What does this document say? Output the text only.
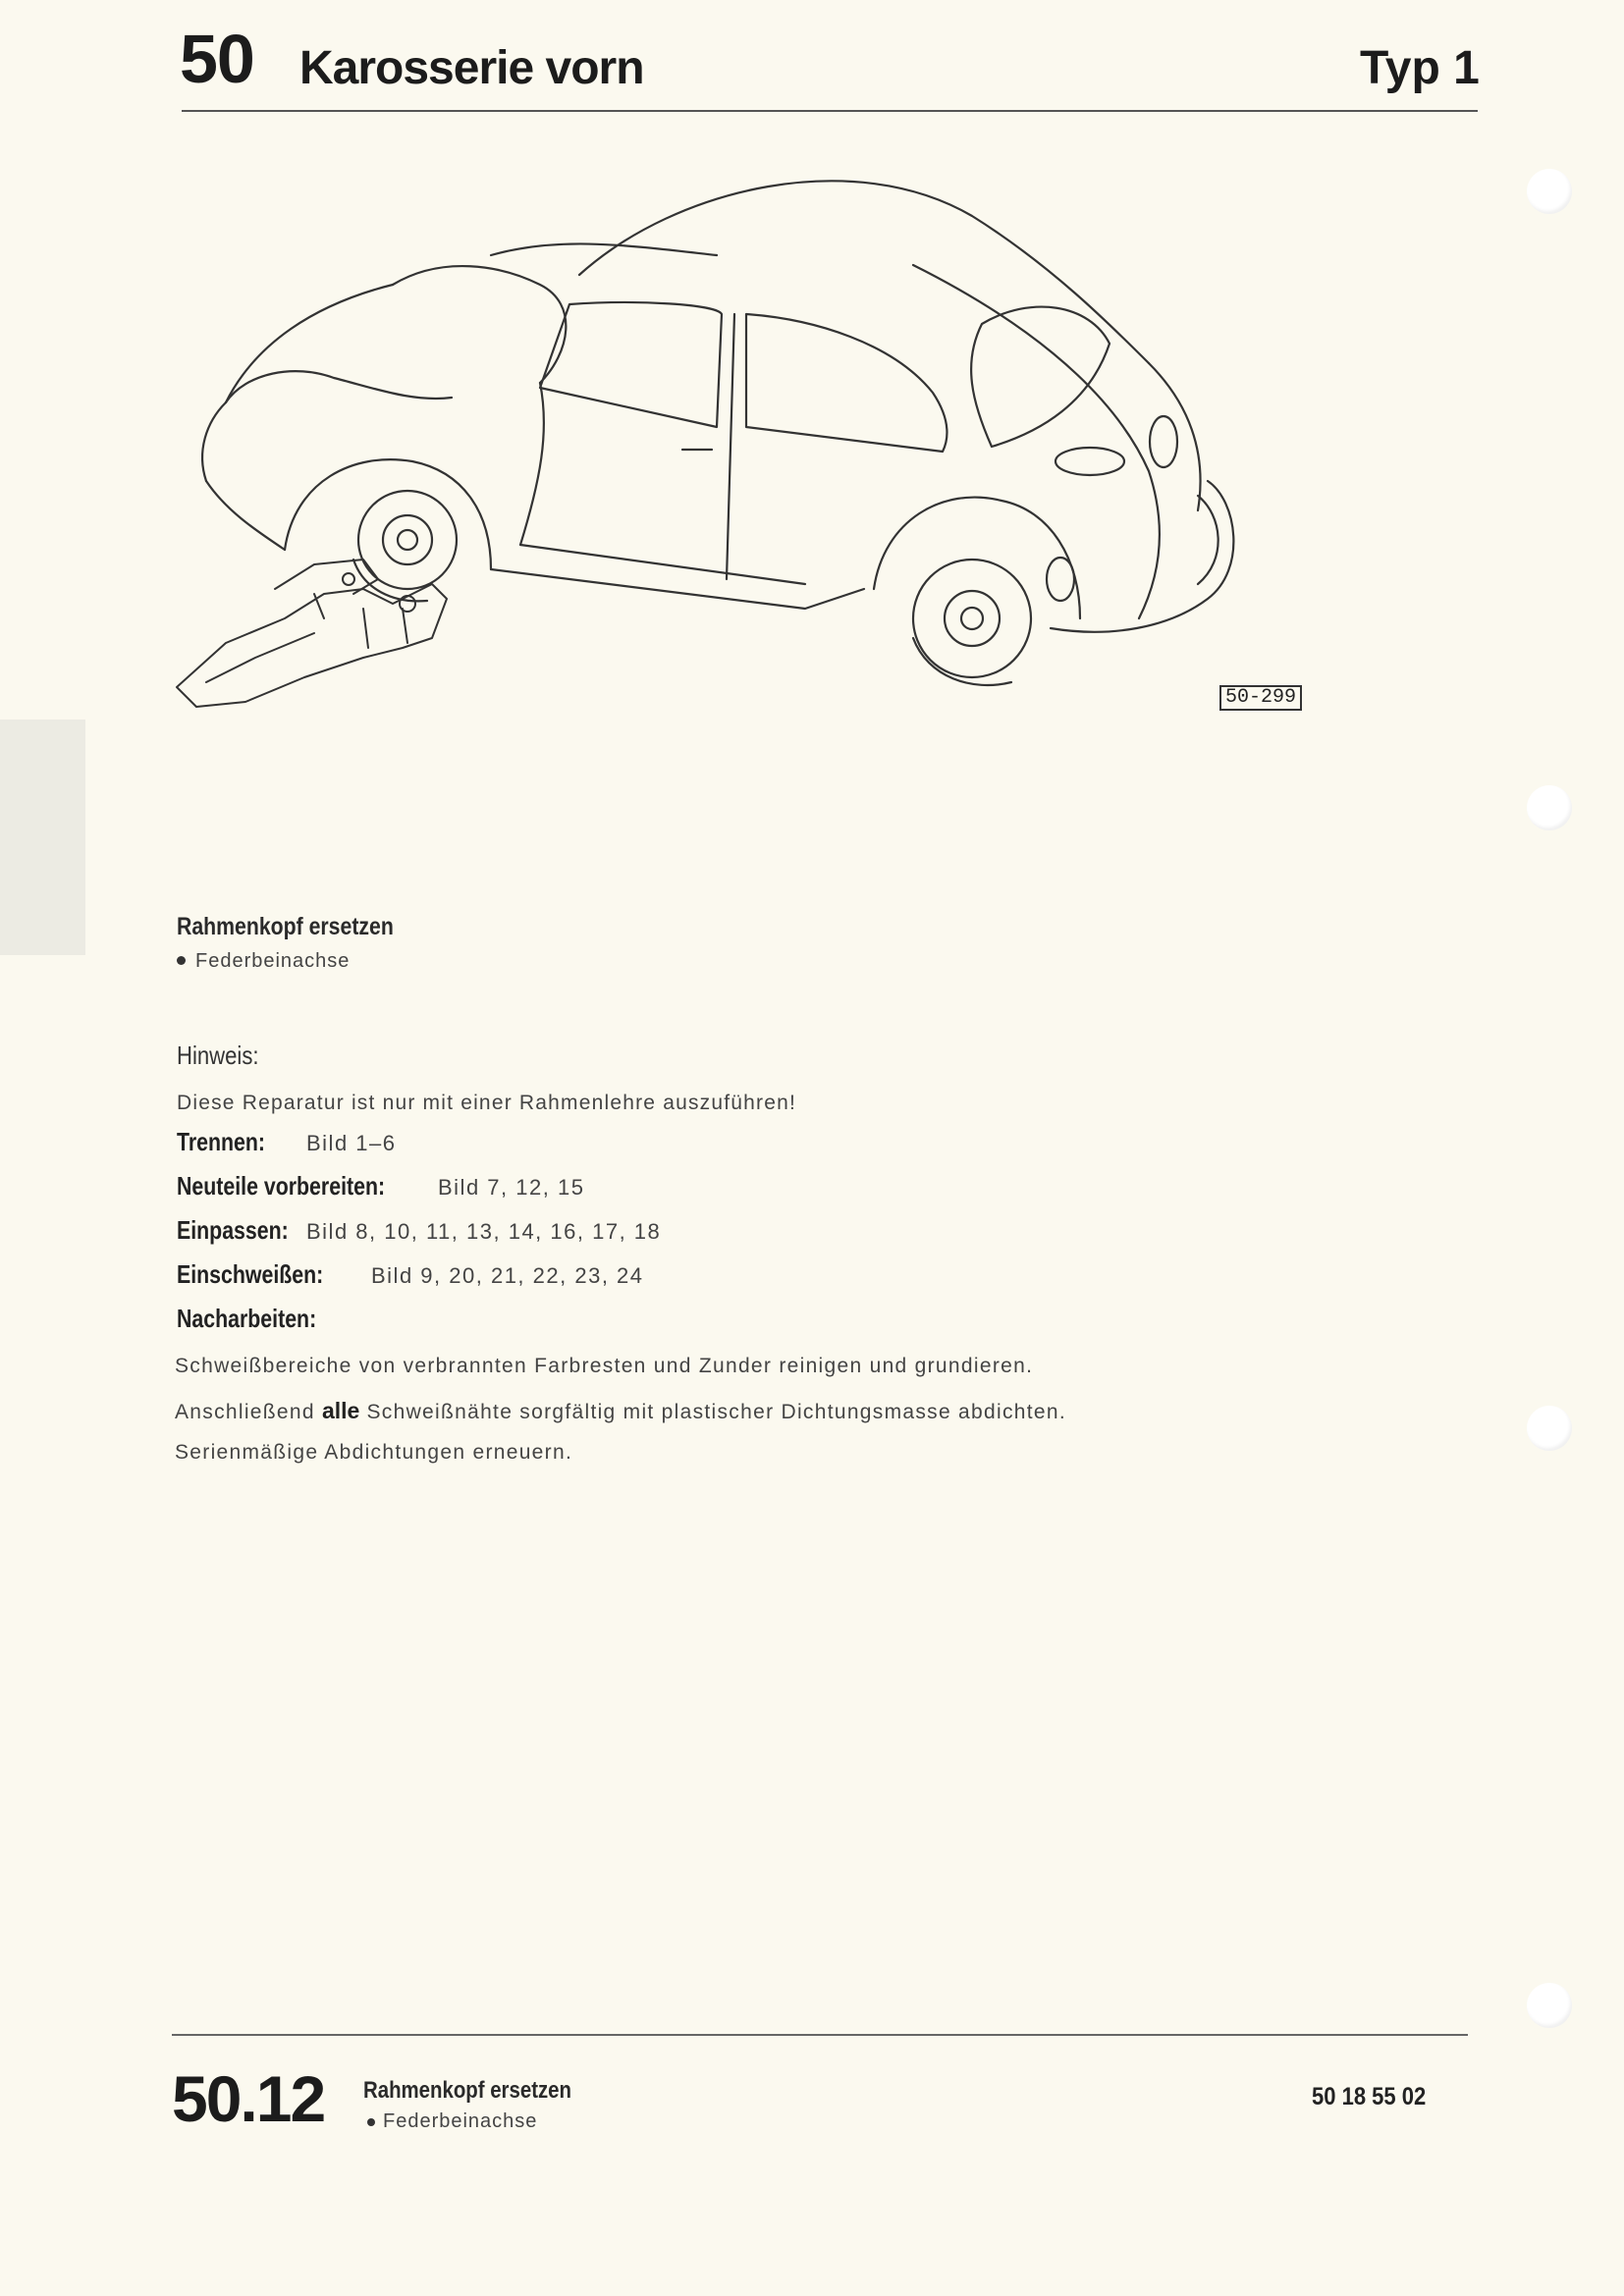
50 Karosserie vorn	Typ 1
50-299
Rahmenkopf ersetzen
Federbeinachse
Hinweis:
Diese Reparatur ist nur mit einer Rahmenlehre auszuführen!
Trennen: Bild 1–6
Neuteile vorbereiten: Bild 7, 12, 15
Einpassen: Bild 8, 10, 11, 13, 14, 16, 17, 18
Einschweißen: Bild 9, 20, 21, 22, 23, 24
Nacharbeiten:
Schweißbereiche von verbrannten Farbresten und Zunder reinigen und grundieren.
Anschließend alle Schweißnähte sorgfältig mit plastischer Dichtungsmasse abdichten.
Serienmäßige Abdichtungen erneuern.
50.12 Rahmenkopf ersetzen
Federbeinachse
50 18 55 02
